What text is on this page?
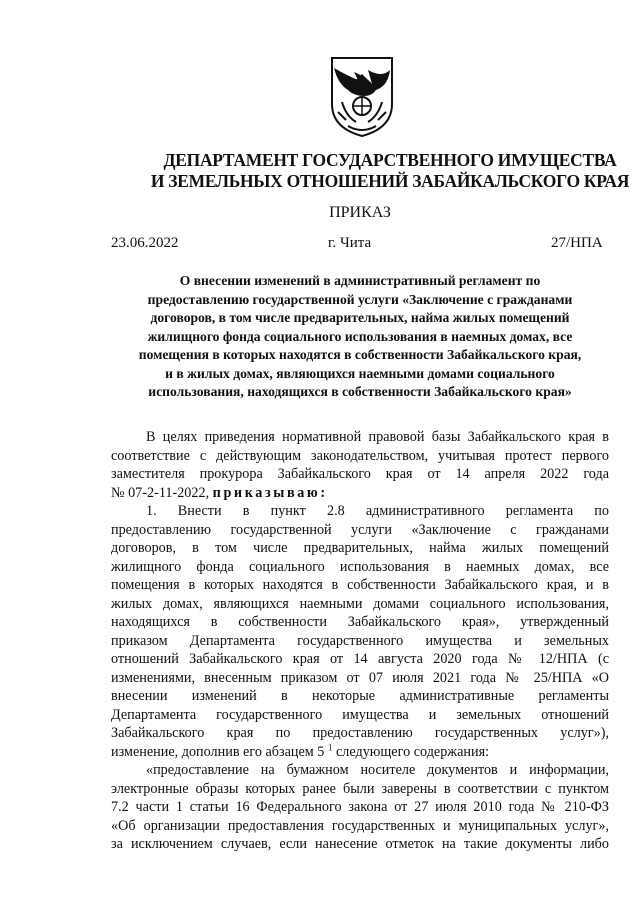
ДЕПАРТАМЕНТ ГОСУДАРСТВЕННОГО ИМУЩЕСТВА
И ЗЕМЕЛЬНЫХ ОТНОШЕНИЙ ЗАБАЙКАЛЬСКОГО КРАЯ
ПРИКАЗ
23.06.2022	г. Чита	27/НПА
О внесении изменений в административный регламент по
предоставлению государственной услуги «Заключение с гражданами
договоров, в том числе предварительных, найма жилых помещений
жилищного фонда социального использования в наемных домах, все
помещения в которых находятся в собственности Забайкальского края,
и в жилых домах, являющихся наемными домами социального
использования, находящихся в собственности Забайкальского края»
В целях приведения нормативной правовой базы Забайкальского края в
соответствие с действующим законодательством, учитывая протест первого
заместителя прокурора Забайкальского края от 14 апреля 2022 года
№ 07-2-11-2022, приказываю:
1. Внести в пункт 2.8 административного регламента по
предоставлению государственной услуги «Заключение с гражданами
договоров, в том числе предварительных, найма жилых помещений
жилищного фонда социального использования в наемных домах, все
помещения в которых находятся в собственности Забайкальского края, и в
жилых домах, являющихся наемными домами социального использования,
находящихся в собственности Забайкальского края», утвержденный
приказом Департамента государственного имущества и земельных
отношений Забайкальского края от 14 августа 2020 года № 12/НПА (с
изменениями, внесенным приказом от 07 июля 2021 года № 25/НПА «О
внесении изменений в некоторые административные регламенты
Департамента государственного имущества и земельных отношений
Забайкальского края по предоставлению государственных услуг»),
изменение, дополнив его абзацем 5 $^1$ следующего содержания:
«предоставление на бумажном носителе документов и информации,
электронные образы которых ранее были заверены в соответствии с пунктом
7.2 части 1 статьи 16 Федерального закона от 27 июля 2010 года № 210-ФЗ
«Об организации предоставления государственных и муниципальных услуг»,
за исключением случаев, если нанесение отметок на такие документы либо
